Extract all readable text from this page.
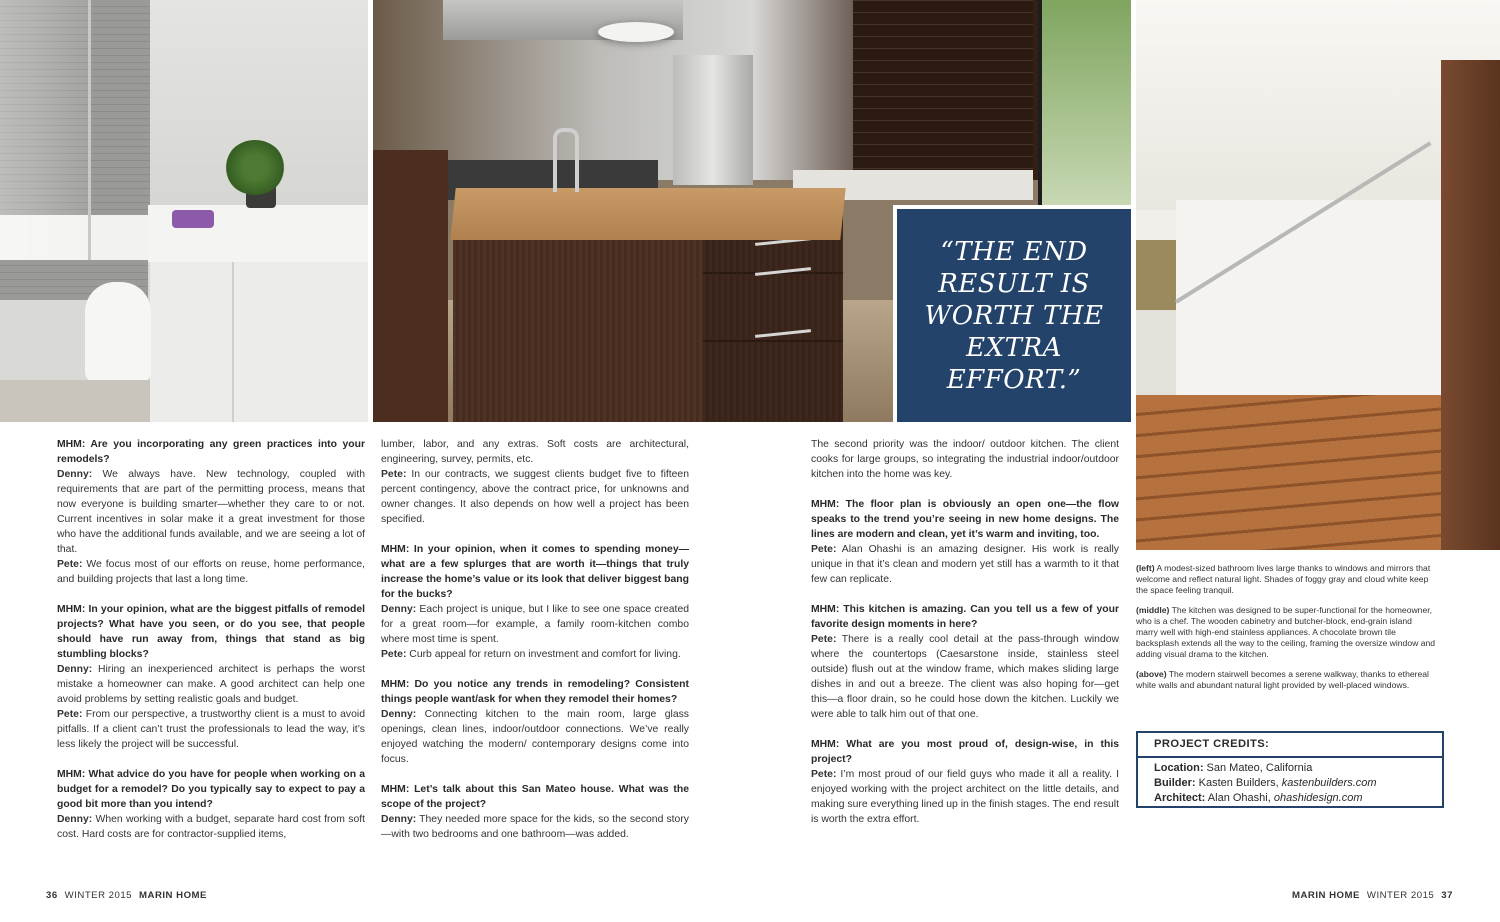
“THE END RESULT IS WORTH THE EXTRA EFFORT.”

MHM: Are you incorporating any green practices into your remodels?
Denny: We always have. New technology, coupled with requirements that are part of the permitting process, means that now everyone is building smarter—whether they care to or not. Current incentives in solar make it a great investment for those who have the additional funds available, and we are seeing a lot of that.
Pete: We focus most of our efforts on reuse, home performance, and building projects that last a long time.

MHM: In your opinion, what are the biggest pitfalls of remodel projects? What have you seen, or do you see, that people should have run away from, things that stand as big stumbling blocks?
Denny: Hiring an inexperienced architect is perhaps the worst mistake a homeowner can make. A good architect can help one avoid problems by setting realistic goals and budget.
Pete: From our perspective, a trustworthy client is a must to avoid pitfalls. If a client can’t trust the professionals to lead the way, it’s less likely the project will be successful.

MHM: What advice do you have for people when working on a budget for a remodel? Do you typically say to expect to pay a good bit more than you intend?
Denny: When working with a budget, separate hard cost from soft cost. Hard costs are for contractor-supplied items,

lumber, labor, and any extras. Soft costs are architectural, engineering, survey, permits, etc.
Pete: In our contracts, we suggest clients budget five to fifteen percent contingency, above the contract price, for unknowns and owner changes. It also depends on how well a project has been specified.

MHM: In your opinion, when it comes to spending money—what are a few splurges that are worth it—things that truly increase the home’s value or its look that deliver biggest bang for the bucks?
Denny: Each project is unique, but I like to see one space created for a great room—for example, a family room-kitchen combo where most time is spent.
Pete: Curb appeal for return on investment and comfort for living.

MHM: Do you notice any trends in remodeling? Consistent things people want/ask for when they remodel their homes?
Denny: Connecting kitchen to the main room, large glass openings, clean lines, indoor/outdoor connections. We’ve really enjoyed watching the modern/ contemporary designs come into focus.

MHM: Let’s talk about this San Mateo house. What was the scope of the project?
Denny: They needed more space for the kids, so the second story—with two bedrooms and one bathroom—was added.

The second priority was the indoor/ outdoor kitchen. The client cooks for large groups, so integrating the industrial indoor/outdoor kitchen into the home was key.

MHM: The floor plan is obviously an open one—the flow speaks to the trend you’re seeing in new home designs. The lines are modern and clean, yet it’s warm and inviting, too.
Pete: Alan Ohashi is an amazing designer. His work is really unique in that it’s clean and modern yet still has a warmth to it that few can replicate.

MHM: This kitchen is amazing. Can you tell us a few of your favorite design moments in here?
Pete: There is a really cool detail at the pass-through window where the countertops (Caesarstone inside, stainless steel outside) flush out at the window frame, which makes sliding large dishes in and out a breeze. The client was also hoping for—get this—a floor drain, so he could hose down the kitchen. Luckily we were able to talk him out of that one.

MHM: What are you most proud of, design-wise, in this project?
Pete: I’m most proud of our field guys who made it all a reality. I enjoyed working with the project architect on the little details, and making sure everything lined up in the finish stages. The end result is worth the extra effort.

(left) A modest-sized bathroom lives large thanks to windows and mirrors that welcome and reflect natural light. Shades of foggy gray and cloud white keep the space feeling tranquil.

(middle) The kitchen was designed to be super-functional for the homeowner, who is a chef. The wooden cabinetry and butcher-block, end-grain island marry well with high-end stainless appliances. A chocolate brown tile backsplash extends all the way to the ceiling, framing the oversize window and adding visual drama to the kitchen.

(above) The modern stairwell becomes a serene walkway, thanks to ethereal white walls and abundant natural light provided by well-placed windows.

PROJECT CREDITS:
Location: San Mateo, California
Builder: Kasten Builders, kastenbuilders.com
Architect: Alan Ohashi, ohashidesign.com
36 WINTER 2015 MARIN HOME	MARIN HOME WINTER 2015 37
